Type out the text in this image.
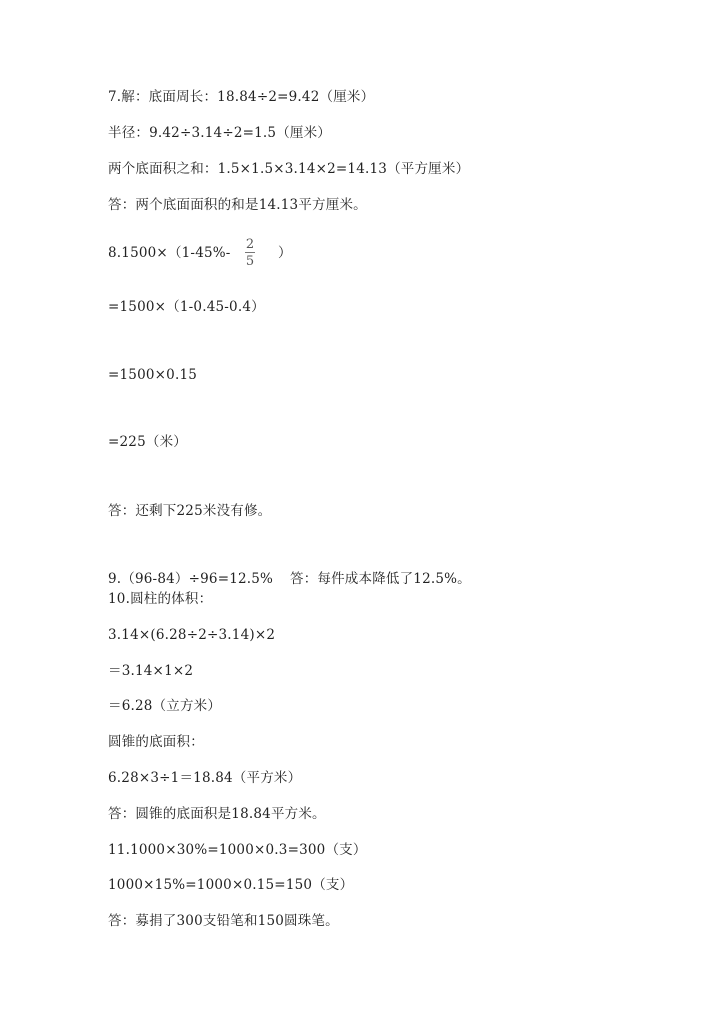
7.解：底面周长：18.84÷2=9.42（厘米）
半径：9.42÷3.14÷2=1.5（厘米）
两个底面积之和：1.5×1.5×3.14×2=14.13（平方厘米）
答：两个底面面积的和是14.13平方厘米。
8.1500×（1-45%-
2
5
）
=1500×（1-0.45-0.4）
=1500×0.15
=225（米）
答：还剩下225米没有修。
9.（96-84）÷96=12.5% 答：每件成本降低了12.5%。
10.圆柱的体积：
3.14×(6.28÷2÷3.14)×2
＝3.14×1×2
＝6.28（立方米）
圆锥的底面积：
6.28×3÷1＝18.84（平方米）
答：圆锥的底面积是18.84平方米。
11.1000×30%=1000×0.3=300（支）
1000×15%=1000×0.15=150（支）
答：募捐了300支铅笔和150圆珠笔。
